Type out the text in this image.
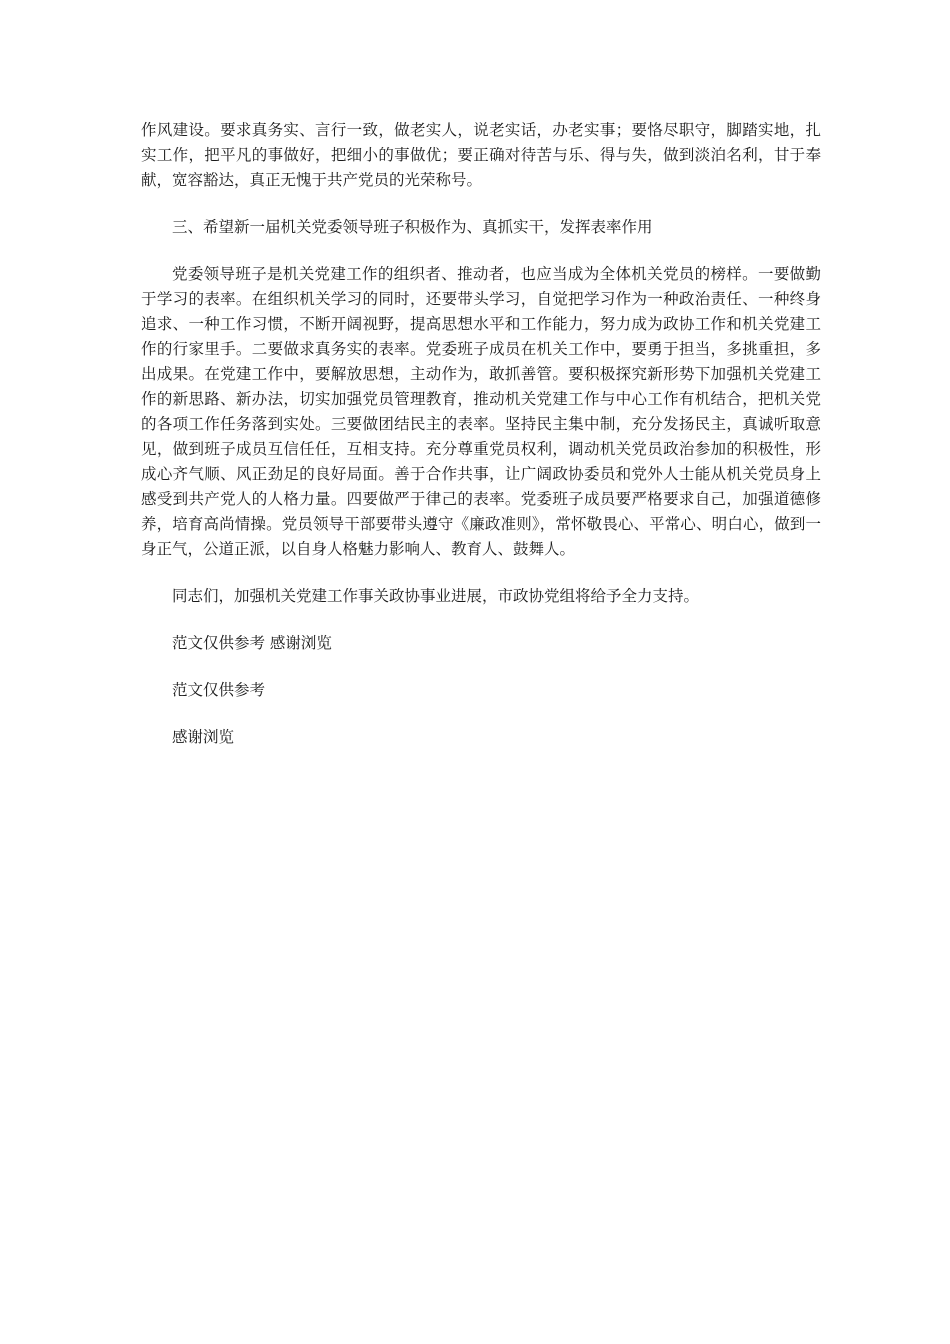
作风建设。要求真务实、言行一致，做老实人，说老实话，办老实事；要恪尽职守，脚踏实地，扎实工作，把平凡的事做好，把细小的事做优；要正确对待苦与乐、得与失，做到淡泊名利，甘于奉献，宽容豁达，真正无愧于共产党员的光荣称号。

三、希望新一届机关党委领导班子积极作为、真抓实干，发挥表率作用

党委领导班子是机关党建工作的组织者、推动者，也应当成为全体机关党员的榜样。一要做勤于学习的表率。在组织机关学习的同时，还要带头学习，自觉把学习作为一种政治责任、一种终身追求、一种工作习惯，不断开阔视野，提高思想水平和工作能力，努力成为政协工作和机关党建工作的行家里手。二要做求真务实的表率。党委班子成员在机关工作中，要勇于担当，多挑重担，多出成果。在党建工作中，要解放思想，主动作为，敢抓善管。要积极探究新形势下加强机关党建工作的新思路、新办法，切实加强党员管理教育，推动机关党建工作与中心工作有机结合，把机关党的各项工作任务落到实处。三要做团结民主的表率。坚持民主集中制，充分发扬民主，真诚听取意见，做到班子成员互信任任，互相支持。充分尊重党员权利，调动机关党员政治参加的积极性，形成心齐气顺、风正劲足的良好局面。善于合作共事，让广阔政协委员和党外人士能从机关党员身上感受到共产党人的人格力量。四要做严于律己的表率。党委班子成员要严格要求自己，加强道德修养，培育高尚情操。党员领导干部要带头遵守《廉政准则》，常怀敬畏心、平常心、明白心，做到一身正气，公道正派，以自身人格魅力影响人、教育人、鼓舞人。

同志们，加强机关党建工作事关政协事业进展，市政协党组将给予全力支持。

范文仅供参考 感谢浏览

范文仅供参考

感谢浏览
